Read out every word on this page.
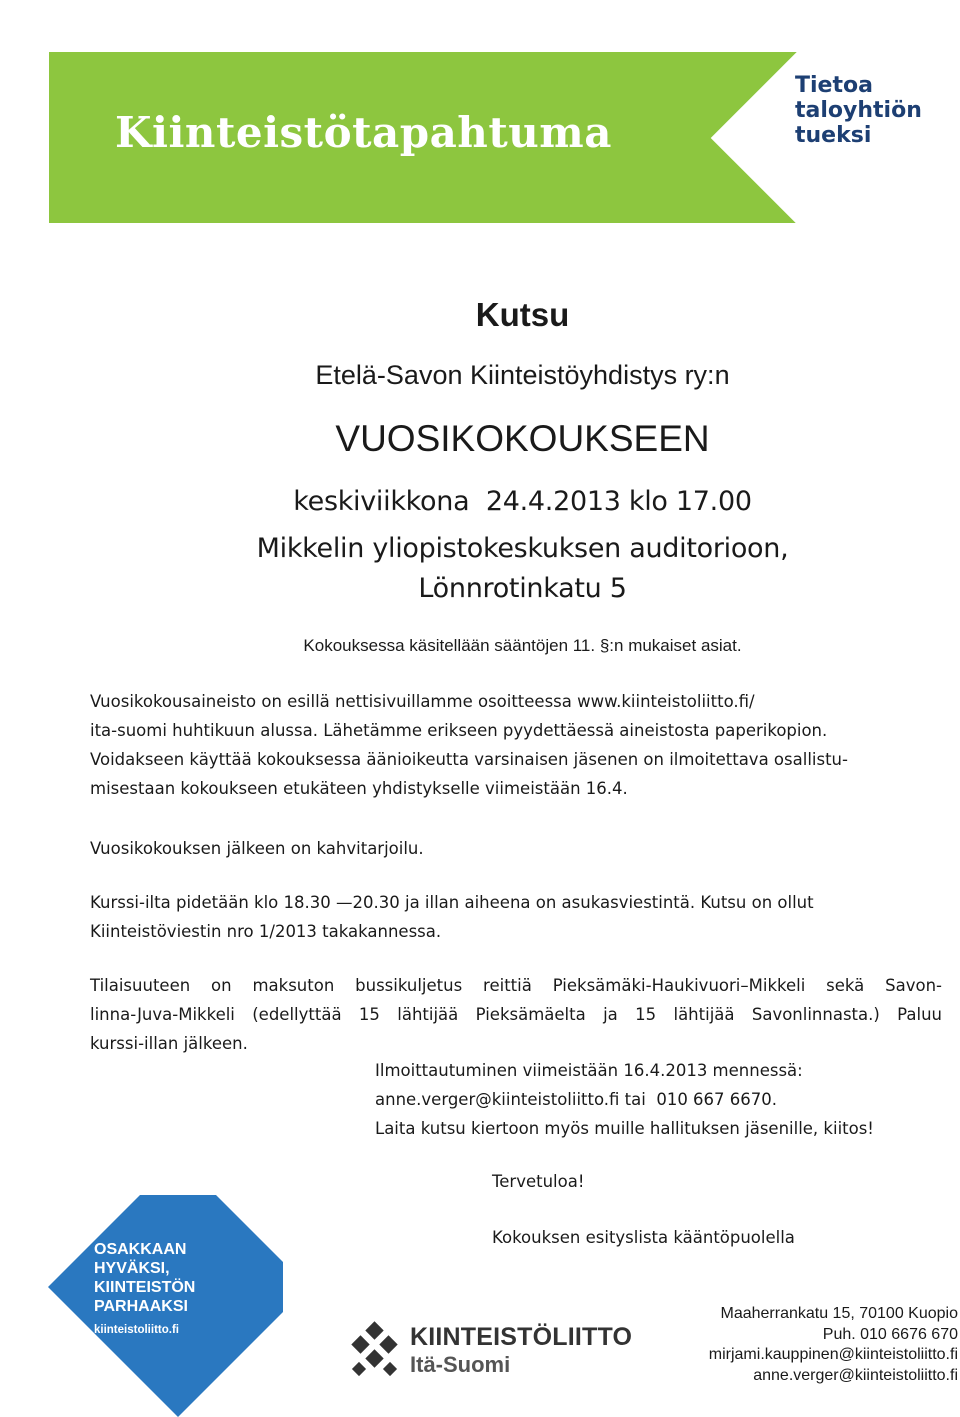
Kiinteistötapahtuma
Tietoa
taloyhtiön
tueksi
Kutsu
Etelä-Savon Kiinteistöyhdistys ry:n
VUOSIKOKOUKSEEN
keskiviikkona  24.4.2013 klo 17.00
Mikkelin yliopistokeskuksen auditorioon,
Lönnrotinkatu 5
Kokouksessa käsitellään sääntöjen 11. §:n mukaiset asiat.
Vuosikokousaineisto on esillä nettisivuillamme osoitteessa www.kiinteistoliitto.fi/
ita-suomi huhtikuun alussa. Lähetämme erikseen pyydettäessä aineistosta paperikopion.
Voidakseen käyttää kokouksessa äänioikeutta varsinaisen jäsenen on ilmoitettava osallistu-
misestaan kokoukseen etukäteen yhdistykselle viimeistään 16.4.
Vuosikokouksen jälkeen on kahvitarjoilu.
Kurssi-ilta pidetään klo 18.30 —20.30 ja illan aiheena on asukasviestintä. Kutsu on ollut
Kiinteistöviestin nro 1/2013 takakannessa.
Tilaisuuteen on maksuton bussikuljetus reittiä Pieksämäki-Haukivuori–Mikkeli sekä Savon-
linna-Juva-Mikkeli (edellyttää 15 lähtijää Pieksämäelta ja 15 lähtijää Savonlinnasta.) Paluu
kurssi-illan jälkeen.
Ilmoittautuminen viimeistään 16.4.2013 mennessä:
anne.verger@kiinteistoliitto.fi tai  010 667 6670.
Laita kutsu kiertoon myös muille hallituksen jäsenille, kiitos!
Tervetuloa!
Kokouksen esityslista kääntöpuolella
OSAKKAAN
HYVÄKSI,
KIINTEISTÖN
PARHAAKSI
kiinteistoliitto.fi	KIINTEISTÖLIITTO
Itä-Suomi
Maaherrankatu 15, 70100 Kuopio
Puh. 010 6676 670
mirjami.kauppinen@kiinteistoliitto.fi
anne.verger@kiinteistoliitto.fi
